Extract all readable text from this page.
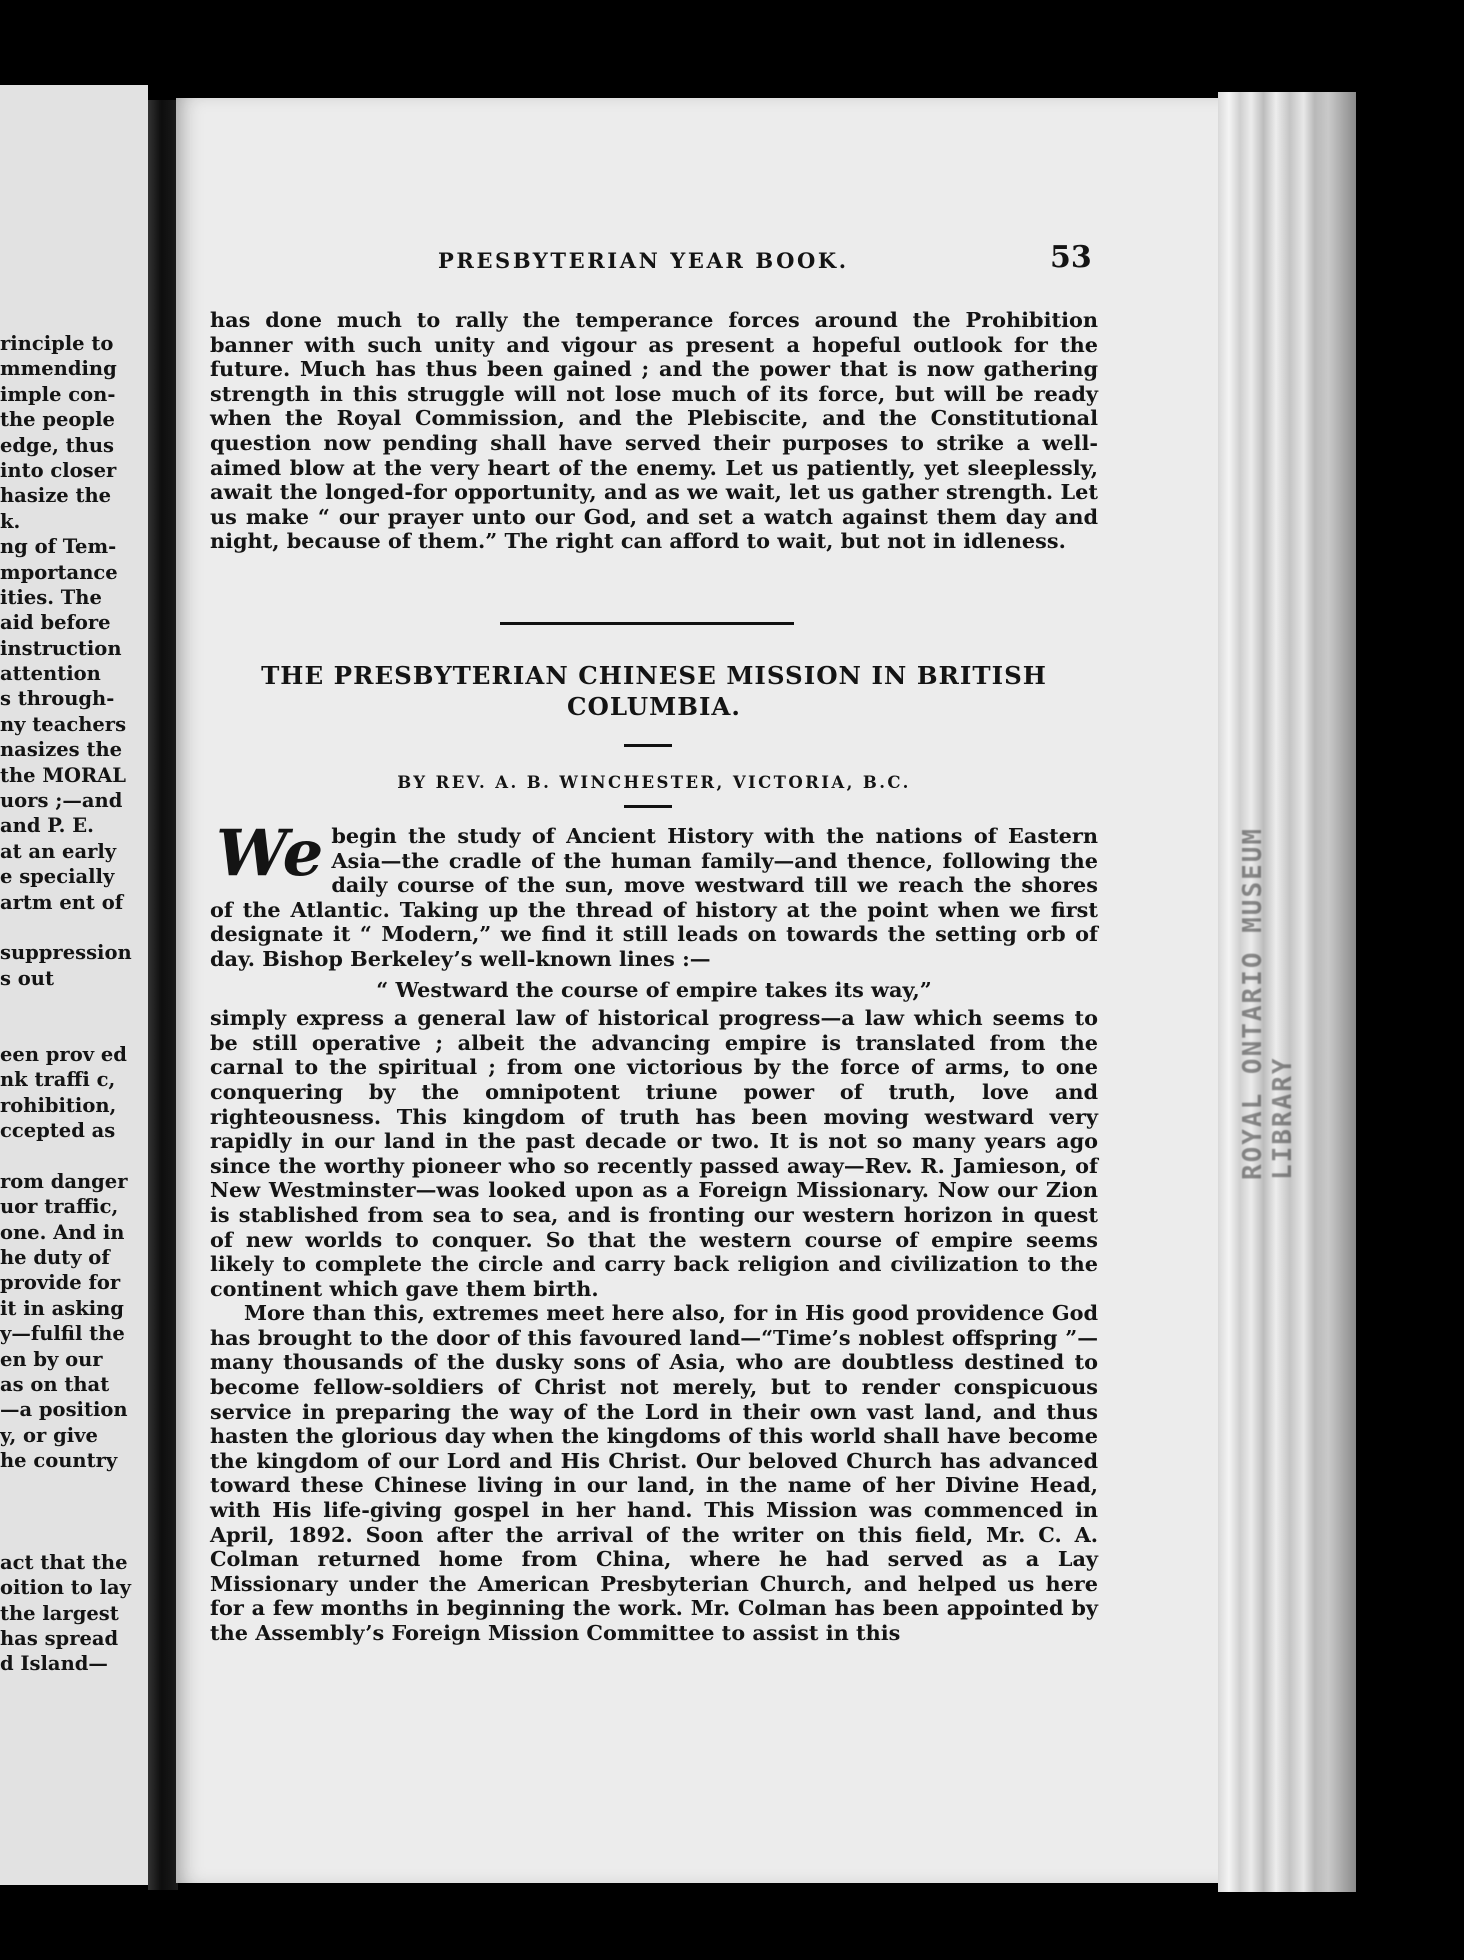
rinciple to
mmending
imple con-
the people
edge, thus
into closer
hasize the
k.
ng of Tem-
mportance
ities. The
aid before
instruction
attention
s through-
ny teachers
nasizes the
the MORAL
uors ;—and
and P. E.
at an early
e specially
artm ent of

suppression
s out

een prov ed
nk traffi c,
rohibition,
ccepted as

rom danger
uor traffic,
one. And in
he duty of
provide for
it in asking
y—fulfil the
en by our
as on that
—a position
y, or give
he country

act that the
oition to lay
the largest
has spread
d Island—
ROYAL ONTARIO MUSEUM LIBRARY
PRESBYTERIAN YEAR BOOK.	53

has done much to rally the temperance forces around the Prohibition banner with such unity and vigour as present a hopeful outlook for the future. Much has thus been gained ; and the power that is now gathering strength in this struggle will not lose much of its force, but will be ready when the Royal Commission, and the Plebiscite, and the Constitutional question now pending shall have served their purposes to strike a well-aimed blow at the very heart of the enemy. Let us patiently, yet sleeplessly, await the longed-for opportunity, and as we wait, let us gather strength. Let us make “ our prayer unto our God, and set a watch against them day and night, because of them.” The right can afford to wait, but not in idleness.

THE PRESBYTERIAN CHINESE MISSION IN BRITISH
COLUMBIA.
BY REV. A. B. WINCHESTER, VICTORIA, B.C.

We begin the study of Ancient History with the nations of Eastern Asia—the cradle of the human family—and thence, following the daily course of the sun, move westward till we reach the shores of the Atlantic. Taking up the thread of history at the point when we first designate it “ Modern,” we find it still leads on towards the setting orb of day. Bishop Berkeley’s well-known lines :—

“ Westward the course of empire takes its way,”

simply express a general law of historical progress—a law which seems to be still operative ; albeit the advancing empire is translated from the carnal to the spiritual ; from one victorious by the force of arms, to one conquering by the omnipotent triune power of truth, love and righteousness. This kingdom of truth has been moving westward very rapidly in our land in the past decade or two. It is not so many years ago since the worthy pioneer who so recently passed away—Rev. R. Jamieson, of New Westminster—was looked upon as a Foreign Missionary. Now our Zion is stablished from sea to sea, and is fronting our western horizon in quest of new worlds to conquer. So that the western course of empire seems likely to complete the circle and carry back religion and civilization to the continent which gave them birth.

More than this, extremes meet here also, for in His good providence God has brought to the door of this favoured land—“Time’s noblest offspring ”—many thousands of the dusky sons of Asia, who are doubtless destined to become fellow-soldiers of Christ not merely, but to render conspicuous service in preparing the way of the Lord in their own vast land, and thus hasten the glorious day when the kingdoms of this world shall have become the kingdom of our Lord and His Christ. Our beloved Church has advanced toward these Chinese living in our land, in the name of her Divine Head, with His life-giving gospel in her hand. This Mission was commenced in April, 1892. Soon after the arrival of the writer on this field, Mr. C. A. Colman returned home from China, where he had served as a Lay Missionary under the American Presbyterian Church, and helped us here for a few months in beginning the work. Mr. Colman has been appointed by the Assembly’s Foreign Mission Committee to assist in this
